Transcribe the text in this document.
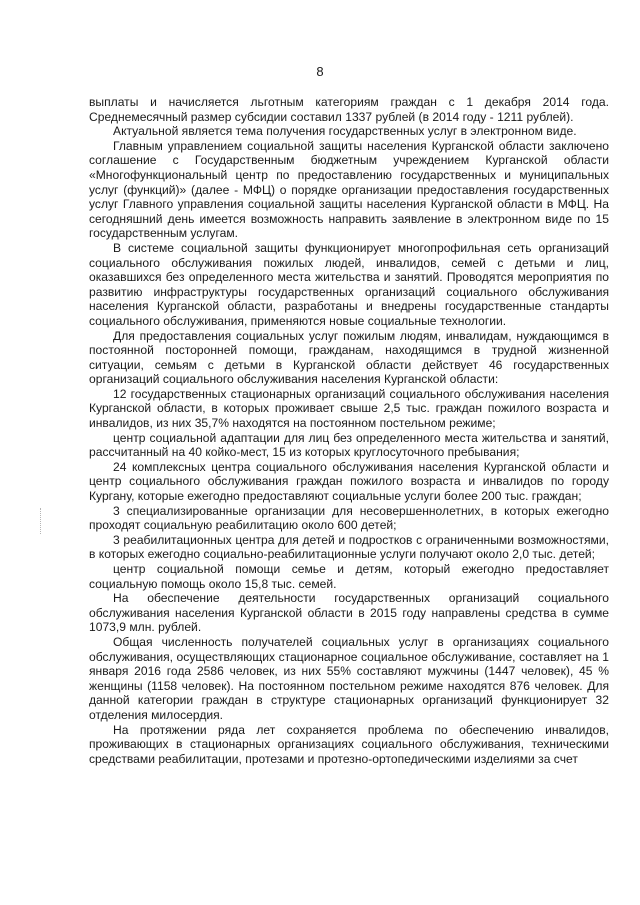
8

выплаты и начисляется льготным категориям граждан с 1 декабря 2014 года. Среднемесячный размер субсидии составил 1337 рублей (в 2014 году - 1211 рублей).

Актуальной является тема получения государственных услуг в электронном виде.

Главным управлением социальной защиты населения Курганской области заключено соглашение с Государственным бюджетным учреждением Курганской области «Многофункциональный центр по предоставлению государственных и муниципальных услуг (функций)» (далее - МФЦ) о порядке организации предоставления государственных услуг Главного управления социальной защиты населения Курганской области в МФЦ. На сегодняшний день имеется возможность направить заявление в электронном виде по 15 государственным услугам.

В системе социальной защиты функционирует многопрофильная сеть организаций социального обслуживания пожилых людей, инвалидов, семей с детьми и лиц, оказавшихся без определенного места жительства и занятий. Проводятся мероприятия по развитию инфраструктуры государственных организаций социального обслуживания населения Курганской области, разработаны и внедрены государственные стандарты социального обслуживания, применяются новые социальные технологии.

Для предоставления социальных услуг пожилым людям, инвалидам, нуждающимся в постоянной посторонней помощи, гражданам, находящимся в трудной жизненной ситуации, семьям с детьми в Курганской области действует 46 государственных организаций социального обслуживания населения Курганской области:

12 государственных стационарных организаций социального обслуживания населения Курганской области, в которых проживает свыше 2,5 тыс. граждан пожилого возраста и инвалидов, из них 35,7% находятся на постоянном постельном режиме;

центр социальной адаптации для лиц без определенного места жительства и занятий, рассчитанный на 40 койко-мест, 15 из которых круглосуточного пребывания;

24 комплексных центра социального обслуживания населения Курганской области и центр социального обслуживания граждан пожилого возраста и инвалидов по городу Кургану, которые ежегодно предоставляют социальные услуги более 200 тыс. граждан;

3 специализированные организации для несовершеннолетних, в которых ежегодно проходят социальную реабилитацию около 600 детей;

3 реабилитационных центра для детей и подростков с ограниченными возможностями, в которых ежегодно социально-реабилитационные услуги получают около 2,0 тыс. детей;

центр социальной помощи семье и детям, который ежегодно предоставляет социальную помощь около 15,8 тыс. семей.

На обеспечение деятельности государственных организаций социального обслуживания населения Курганской области в 2015 году направлены средства в сумме 1073,9 млн. рублей.

Общая численность получателей социальных услуг в организациях социального обслуживания, осуществляющих стационарное социальное обслуживание, составляет на 1 января 2016 года 2586 человек, из них 55% составляют мужчины (1447 человек), 45 % женщины (1158 человек). На постоянном постельном режиме находятся 876 человек. Для данной категории граждан в структуре стационарных организаций функционирует 32 отделения милосердия.

На протяжении ряда лет сохраняется проблема по обеспечению инвалидов, проживающих в стационарных организациях социального обслуживания, техническими средствами реабилитации, протезами и протезно-ортопедическими изделиями за счет
